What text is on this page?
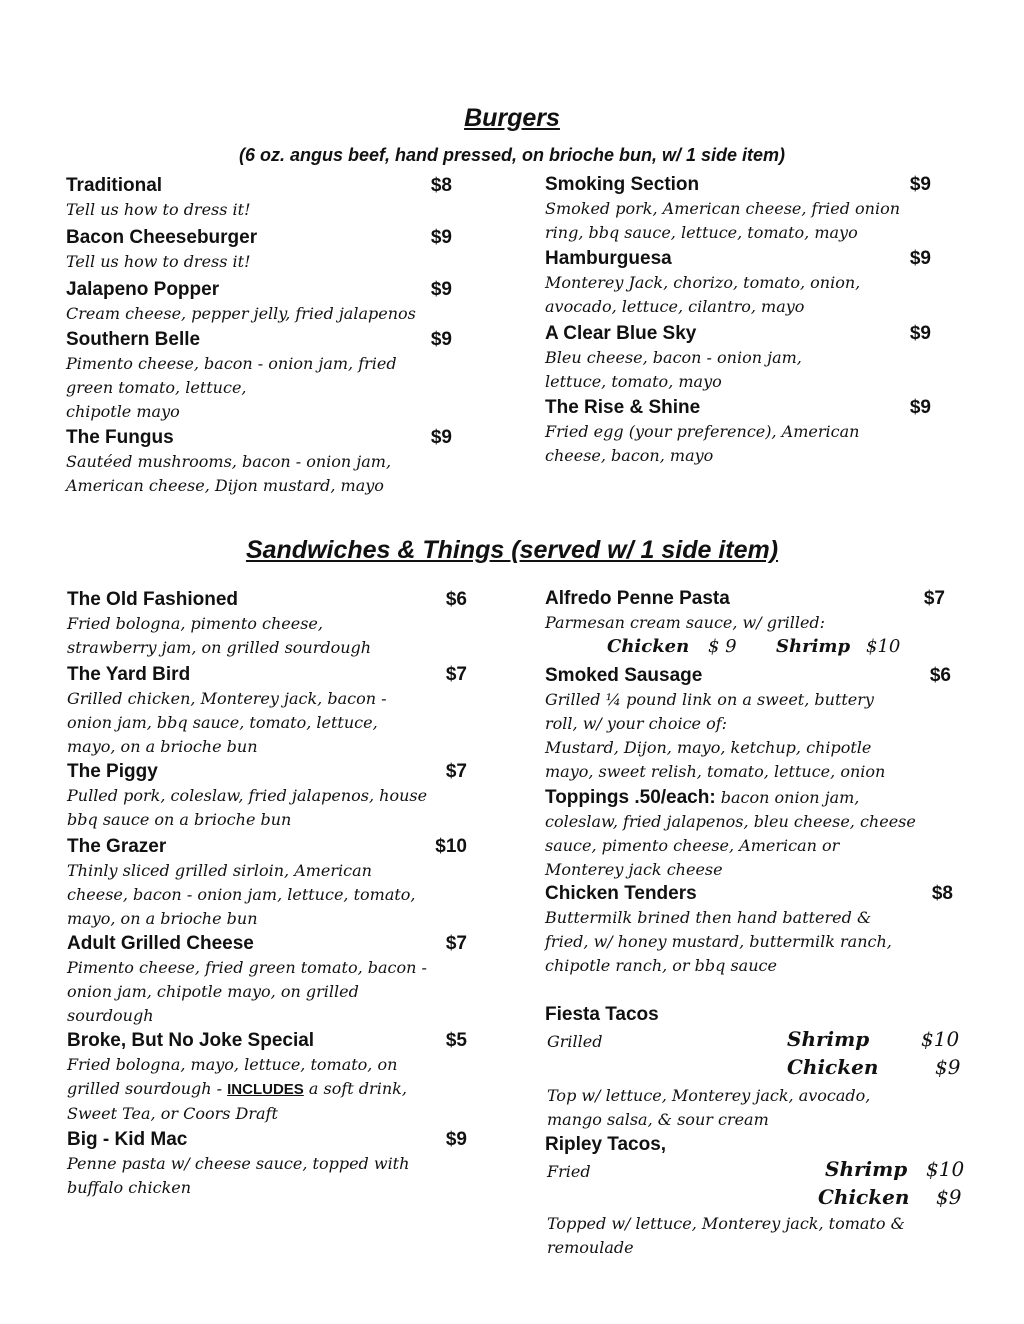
Burgers
(6 oz. angus beef, hand pressed, on brioche bun, w/ 1 side item)
Traditional	$8
Tell us how to dress it!
Bacon Cheeseburger	$9
Tell us how to dress it!
Jalapeno Popper	$9
Cream cheese, pepper jelly, fried jalapenos
Southern Belle	$9
Pimento cheese, bacon - onion jam, fried
green tomato, lettuce,
chipotle mayo
The Fungus	$9
Sautéed mushrooms, bacon - onion jam,
American cheese, Dijon mustard, mayo
Smoking Section	$9
Smoked pork, American cheese, fried onion
ring, bbq sauce, lettuce, tomato, mayo
Hamburguesa	$9
Monterey Jack, chorizo, tomato, onion,
avocado, lettuce, cilantro, mayo
A Clear Blue Sky	$9
Bleu cheese, bacon - onion jam,
lettuce, tomato, mayo
The Rise & Shine	$9
Fried egg (your preference), American
cheese, bacon, mayo
Sandwiches & Things (served w/ 1 side item)
The Old Fashioned	$6
Fried bologna, pimento cheese,
strawberry jam, on grilled sourdough
The Yard Bird	$7
Grilled chicken, Monterey jack, bacon -
onion jam, bbq sauce, tomato, lettuce,
mayo, on a brioche bun
The Piggy	$7
Pulled pork, coleslaw, fried jalapenos, house
bbq sauce on a brioche bun
The Grazer	$10
Thinly sliced grilled sirloin, American
cheese, bacon - onion jam, lettuce, tomato,
mayo, on a brioche bun
Adult Grilled Cheese	$7
Pimento cheese, fried green tomato, bacon -
onion jam, chipotle mayo, on grilled
sourdough
Broke, But No Joke Special	$5
Fried bologna, mayo, lettuce, tomato, on
grilled sourdough - INCLUDES a soft drink,
Sweet Tea, or Coors Draft
Big - Kid Mac	$9
Penne pasta w/ cheese sauce, topped with
buffalo chicken
Alfredo Penne Pasta	$7
Parmesan cream sauce, w/ grilled:
Chicken $ 9 Shrimp $10
Smoked Sausage	$6
Grilled ¼ pound link on a sweet, buttery
roll, w/ your choice of:
Mustard, Dijon, mayo, ketchup, chipotle
mayo, sweet relish, tomato, lettuce, onion
Toppings .50/each: bacon onion jam,
coleslaw, fried jalapenos, bleu cheese, cheese
sauce, pimento cheese, American or
Monterey jack cheese
Chicken Tenders	$8
Buttermilk brined then hand battered &
fried, w/ honey mustard, buttermilk ranch,
chipotle ranch, or bbq sauce
Fiesta Tacos
Grilled	Shrimp	$10
Chicken	$9
Top w/ lettuce, Monterey jack, avocado,
mango salsa, & sour cream
Ripley Tacos,
Fried	Shrimp $10
Chicken $9
Topped w/ lettuce, Monterey jack, tomato &
remoulade
